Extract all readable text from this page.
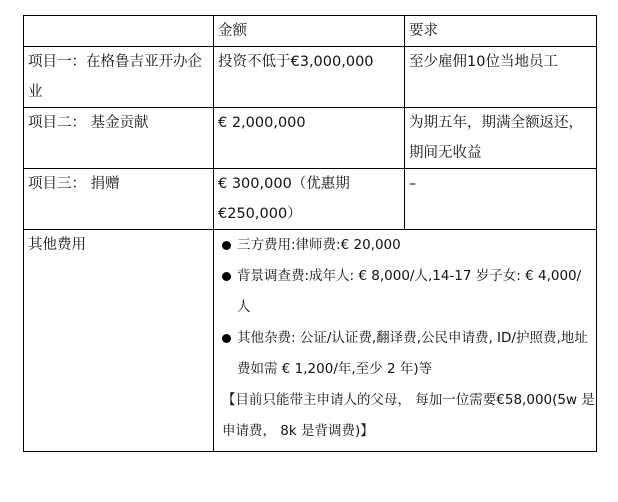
	金额	要求
项目一：在格鲁吉亚开办企业	投资不低于€3,000,000	至少雇佣10位当地员工
项目二： 基金贡献	€ 2,000,000	为期五年，期满全额返还，期间无收益
项目三： 捐赠	€ 300,000（优惠期€250,000）	–
其他费用	三方费用:律师费:€ 20,000
背景调查费:成年人: € 8,000/人,14-17 岁子女: € 4,000/人
其他杂费: 公证/认证费,翻译费,公民申请费, ID/护照费,地址费如需 € 1,200/年,至少 2 年)等
【目前只能带主申请人的父母， 每加一位需要€58,000(5w 是申请费， 8k 是背调费)】	
